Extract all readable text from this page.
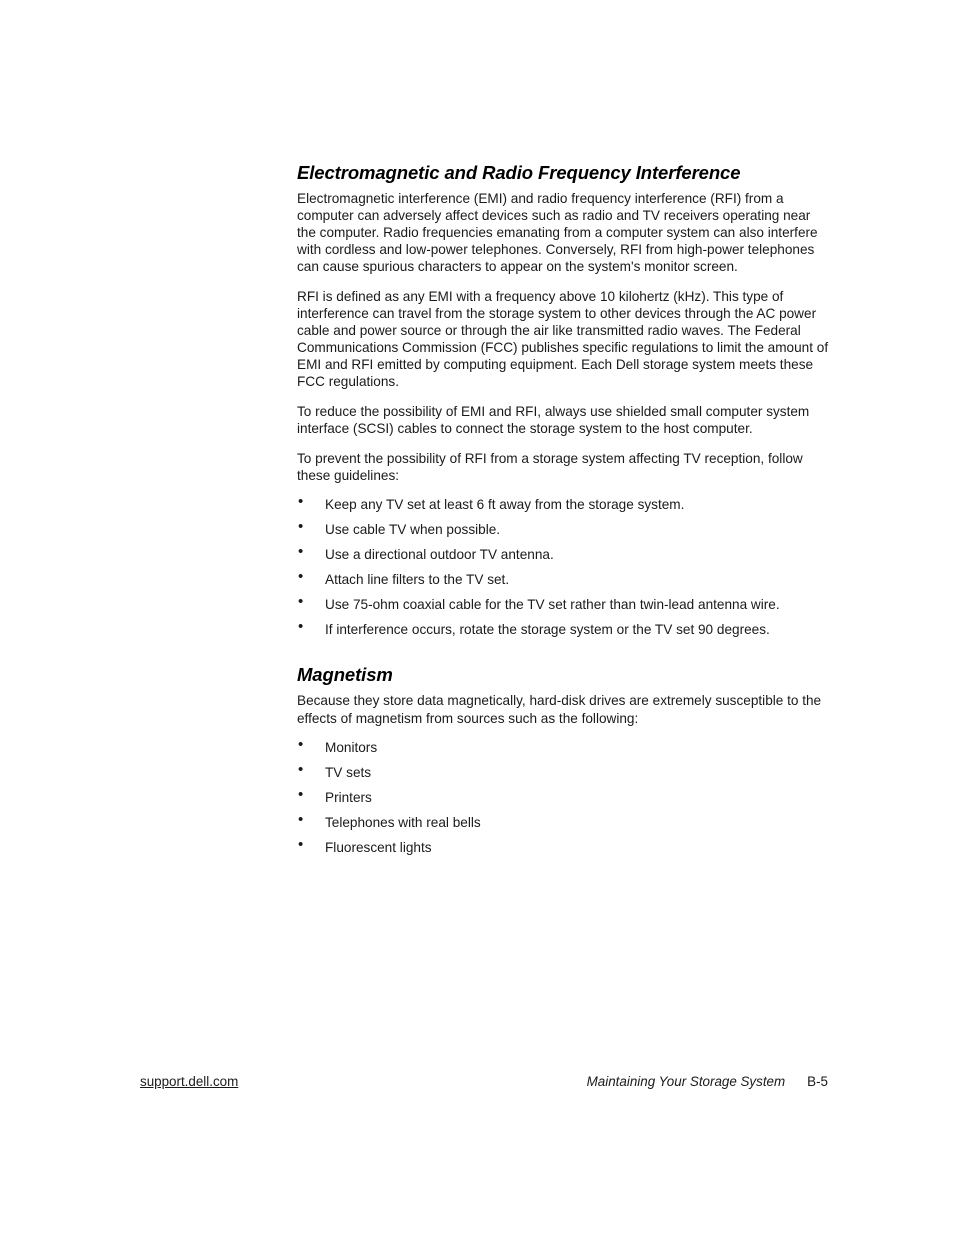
Electromagnetic and Radio Frequency Interference

Electromagnetic interference (EMI) and radio frequency interference (RFI) from a computer can adversely affect devices such as radio and TV receivers operating near the computer. Radio frequencies emanating from a computer system can also interfere with cordless and low-power telephones. Conversely, RFI from high-power telephones can cause spurious characters to appear on the system's monitor screen.

RFI is defined as any EMI with a frequency above 10 kilohertz (kHz). This type of interference can travel from the storage system to other devices through the AC power cable and power source or through the air like transmitted radio waves. The Federal Communications Commission (FCC) publishes specific regulations to limit the amount of EMI and RFI emitted by computing equipment. Each Dell storage system meets these FCC regulations.

To reduce the possibility of EMI and RFI, always use shielded small computer system interface (SCSI) cables to connect the storage system to the host computer.

To prevent the possibility of RFI from a storage system affecting TV reception, follow these guidelines:

• Keep any TV set at least 6 ft away from the storage system.
• Use cable TV when possible.
• Use a directional outdoor TV antenna.
• Attach line filters to the TV set.
• Use 75-ohm coaxial cable for the TV set rather than twin-lead antenna wire.
• If interference occurs, rotate the storage system or the TV set 90 degrees.
Magnetism

Because they store data magnetically, hard-disk drives are extremely susceptible to the effects of magnetism from sources such as the following:

• Monitors
• TV sets
• Printers
• Telephones with real bells
• Fluorescent lights
support.dell.com	Maintaining Your Storage System B-5
